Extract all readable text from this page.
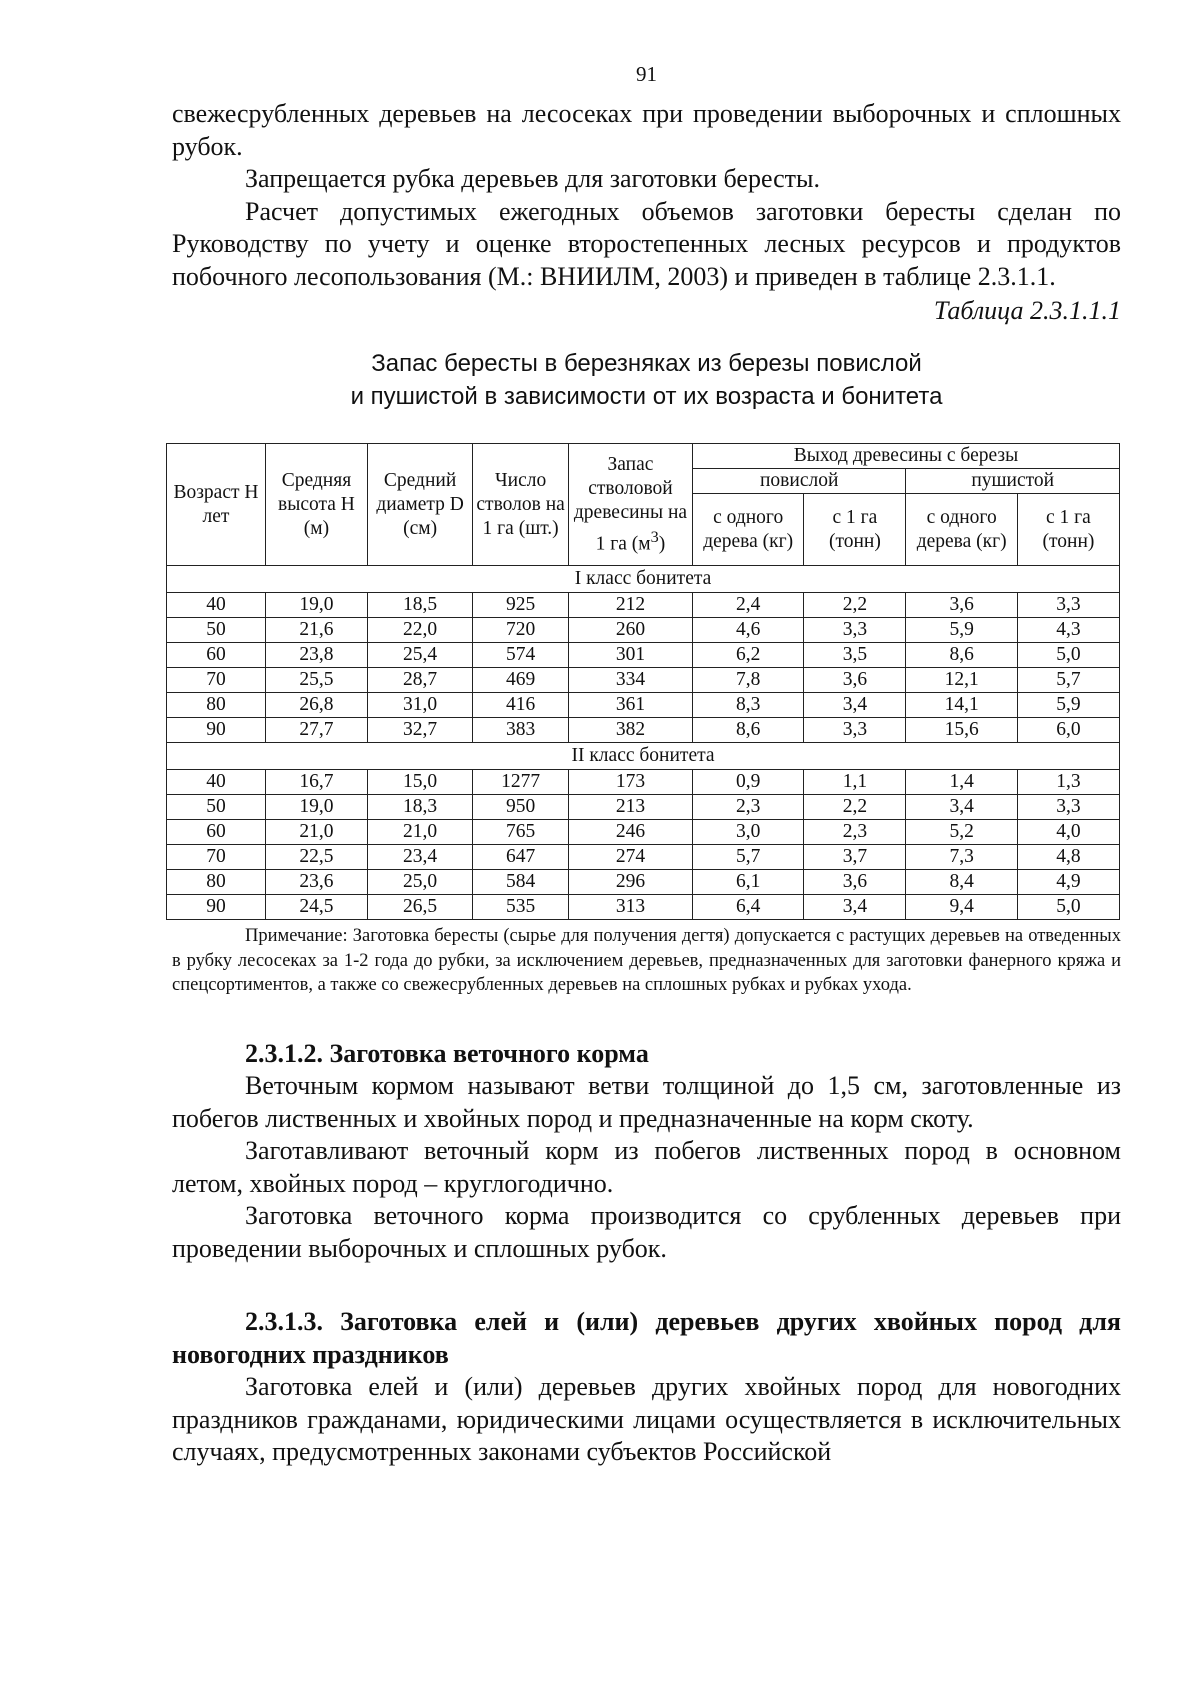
91

свежесрубленных деревьев на лесосеках при проведении выборочных и сплошных рубок.

Запрещается рубка деревьев для заготовки бересты.

Расчет допустимых ежегодных объемов заготовки бересты сделан по Руководству по учету и оценке второстепенных лесных ресурсов и продуктов побочного лесопользования (М.: ВНИИЛМ, 2003) и приведен в таблице 2.3.1.1.

Таблица 2.3.1.1.1
Запас бересты в березняках из березы повислой
и пушистой в зависимости от их возраста и бонитета
Возраст Н лет	Средняя высота Н (м)	Средний диаметр D (см)	Число стволов на 1 га (шт.)	Запас стволовой древесины на 1 га $(м^3)$	Выход древесины с березы			
					повислой		пушистой	
					с одного дерева (кг)	с 1 га (тонн)	с одного дерева (кг)	с 1 га (тонн)
I класс бонитета								
40	19,0	18,5	925	212	2,4	2,2	3,6	3,3
50	21,6	22,0	720	260	4,6	3,3	5,9	4,3
60	23,8	25,4	574	301	6,2	3,5	8,6	5,0
70	25,5	28,7	469	334	7,8	3,6	12,1	5,7
80	26,8	31,0	416	361	8,3	3,4	14,1	5,9
90	27,7	32,7	383	382	8,6	3,3	15,6	6,0
II класс бонитета								
40	16,7	15,0	1277	173	0,9	1,1	1,4	1,3
50	19,0	18,3	950	213	2,3	2,2	3,4	3,3
60	21,0	21,0	765	246	3,0	2,3	5,2	4,0
70	22,5	23,4	647	274	5,7	3,7	7,3	4,8
80	23,6	25,0	584	296	6,1	3,6	8,4	4,9
90	24,5	26,5	535	313	6,4	3,4	9,4	5,0

Примечание: Заготовка бересты (сырье для получения дегтя) допускается с растущих деревьев на отведенных в рубку лесосеках за 1-2 года до рубки, за исключением деревьев, предназначенных для заготовки фанерного кряжа и спецсортиментов, а также со свежесрубленных деревьев на сплошных рубках и рубках ухода.

2.3.1.2. Заготовка веточного корма

Веточным кормом называют ветви толщиной до 1,5 см, заготовленные из побегов лиственных и хвойных пород и предназначенные на корм скоту.

Заготавливают веточный корм из побегов лиственных пород в основном летом, хвойных пород – круглогодично.

Заготовка веточного корма производится со срубленных деревьев при проведении выборочных и сплошных рубок.

2.3.1.3. Заготовка елей и (или) деревьев других хвойных пород для новогодних праздников

Заготовка елей и (или) деревьев других хвойных пород для новогодних праздников гражданами, юридическими лицами осуществляется в исключительных случаях, предусмотренных законами субъектов Российской
